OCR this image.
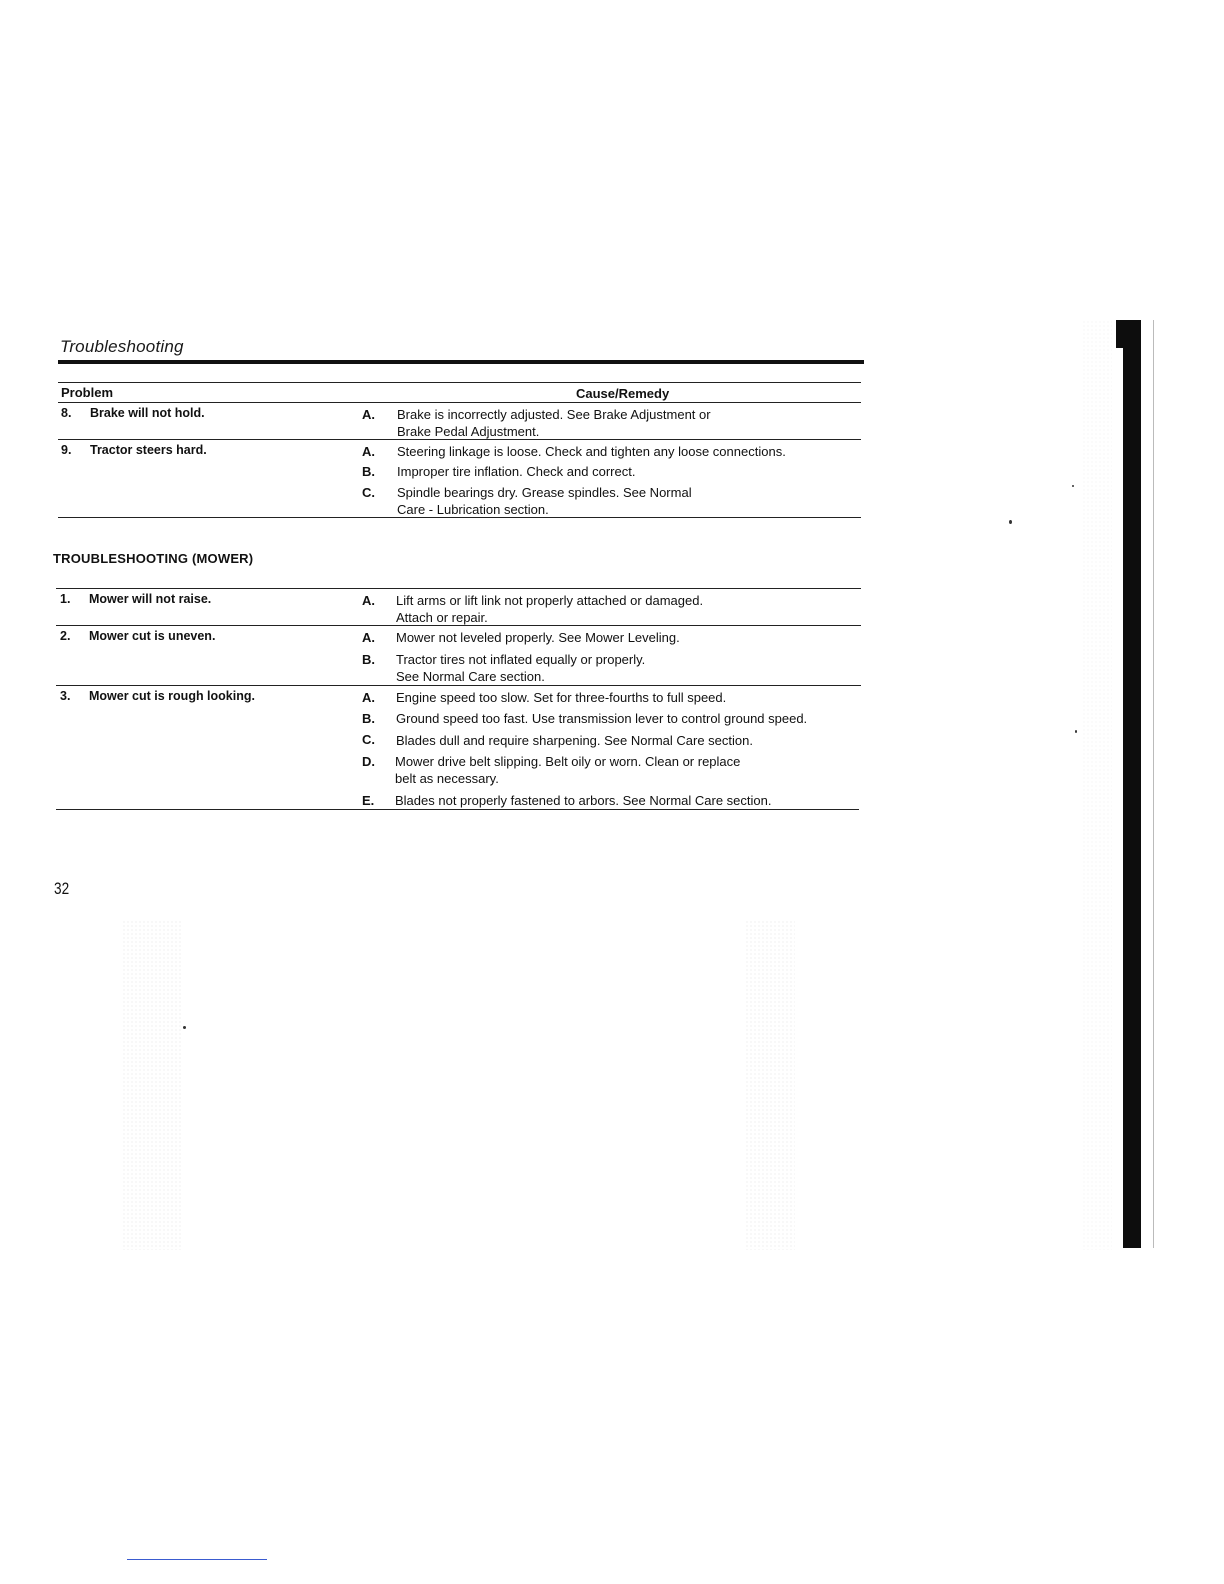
Troubleshooting
Problem	Cause/Remedy
8. Brake will not hold.	A. Brake is incorrectly adjusted. See Brake Adjustment or
Brake Pedal Adjustment.
9. Tractor steers hard.	A. Steering linkage is loose. Check and tighten any loose connections.
B. Improper tire inflation. Check and correct.
C. Spindle bearings dry. Grease spindles. See Normal
Care - Lubrication section.
TROUBLESHOOTING (MOWER)
1. Mower will not raise.	A. Lift arms or lift link not properly attached or damaged.
Attach or repair.
2. Mower cut is uneven.	A. Mower not leveled properly. See Mower Leveling.
B. Tractor tires not inflated equally or properly.
See Normal Care section.
3. Mower cut is rough looking.	A. Engine speed too slow. Set for three-fourths to full speed.
B. Ground speed too fast. Use transmission lever to control ground speed.
C. Blades dull and require sharpening. See Normal Care section.
D. Mower drive belt slipping. Belt oily or worn. Clean or replace
belt as necessary.
E. Blades not properly fastened to arbors. See Normal Care section.
32
